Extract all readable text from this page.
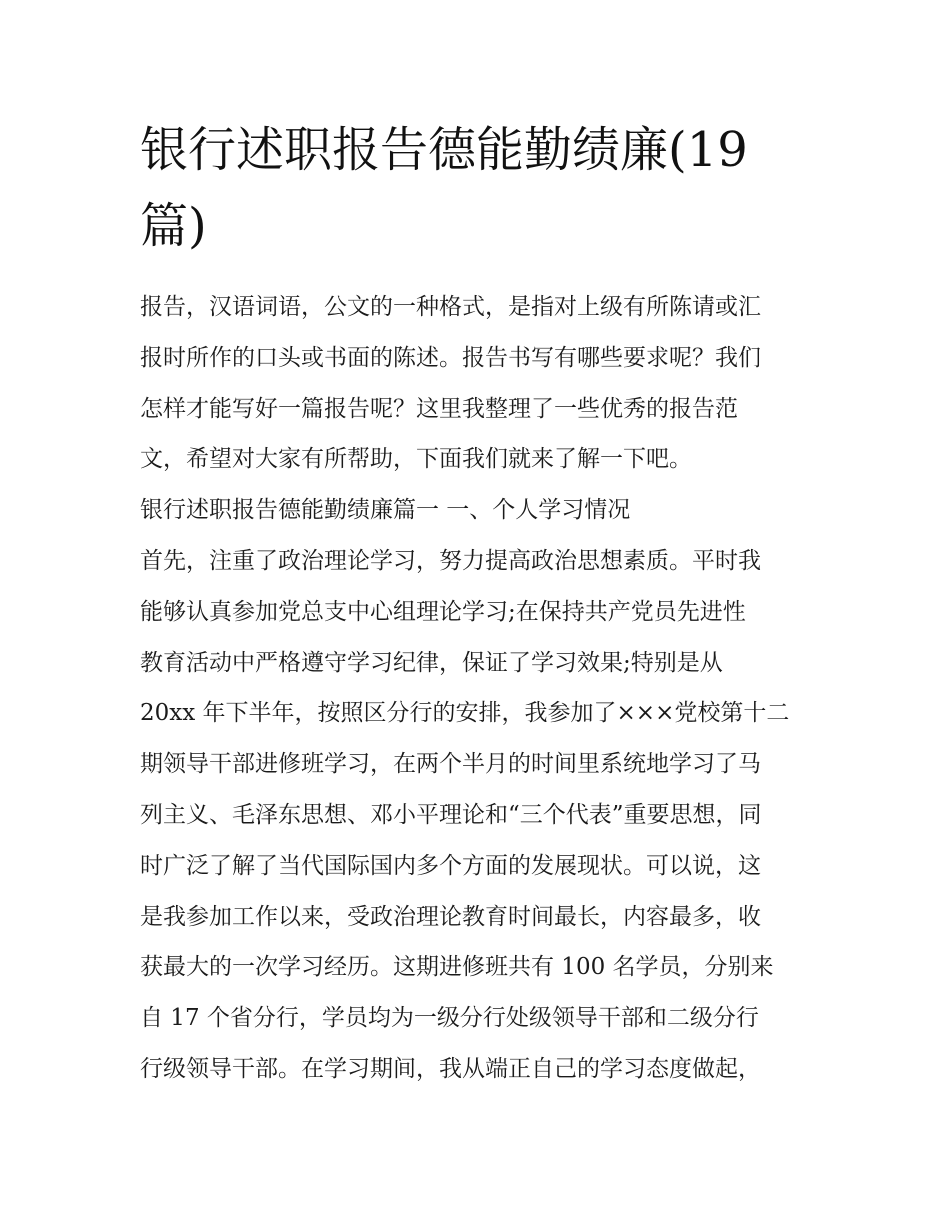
银行述职报告德能勤绩廉(19
篇)
报告，汉语词语，公文的一种格式，是指对上级有所陈请或汇
报时所作的口头或书面的陈述。报告书写有哪些要求呢？我们
怎样才能写好一篇报告呢？这里我整理了一些优秀的报告范
文，希望对大家有所帮助，下面我们就来了解一下吧。
银行述职报告德能勤绩廉篇一 一、个人学习情况
首先，注重了政治理论学习，努力提高政治思想素质。平时我
能够认真参加党总支中心组理论学习;在保持共产党员先进性
教育活动中严格遵守学习纪律，保证了学习效果;特别是从
20xx 年下半年，按照区分行的安排，我参加了×××党校第十二
期领导干部进修班学习，在两个半月的时间里系统地学习了马
列主义、毛泽东思想、邓小平理论和“三个代表”重要思想，同
时广泛了解了当代国际国内多个方面的发展现状。可以说，这
是我参加工作以来，受政治理论教育时间最长，内容最多，收
获最大的一次学习经历。这期进修班共有 100 名学员，分别来
自 17 个省分行，学员均为一级分行处级领导干部和二级分行
行级领导干部。在学习期间，我从端正自己的学习态度做起，
